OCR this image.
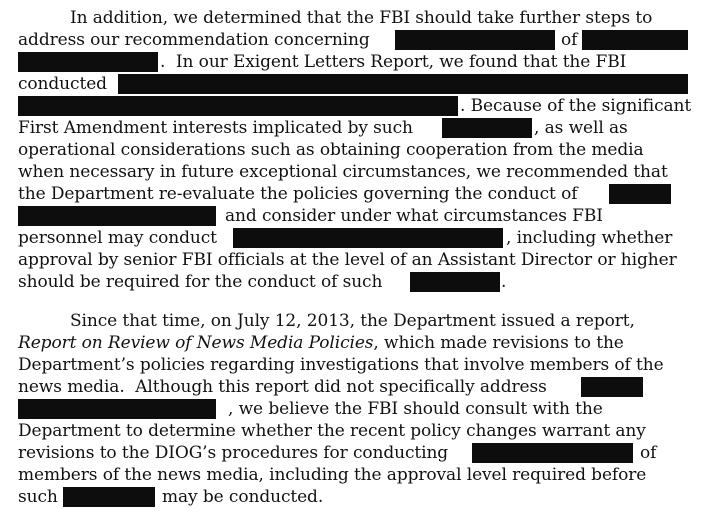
In addition, we determined that the FBI should take further steps to
address our recommendation concerning	of
.  In our Exigent Letters Report, we found that the FBI
conducted
. Because of the significant
First Amendment interests implicated by such	, as well as
operational considerations such as obtaining cooperation from the media
when necessary in future exceptional circumstances, we recommended that
the Department re-evaluate the policies governing the conduct of
and consider under what circumstances FBI
personnel may conduct	, including whether
approval by senior FBI officials at the level of an Assistant Director or higher
should be required for the conduct of such	.
Since that time, on July 12, 2013, the Department issued a report,
Report on Review of News Media Policies, which made revisions to the
Department’s policies regarding investigations that involve members of the
news media.  Although this report did not specifically address
, we believe the FBI should consult with the
Department to determine whether the recent policy changes warrant any
revisions to the DIOG’s procedures for conducting	of
members of the news media, including the approval level required before
such	may be conducted.
